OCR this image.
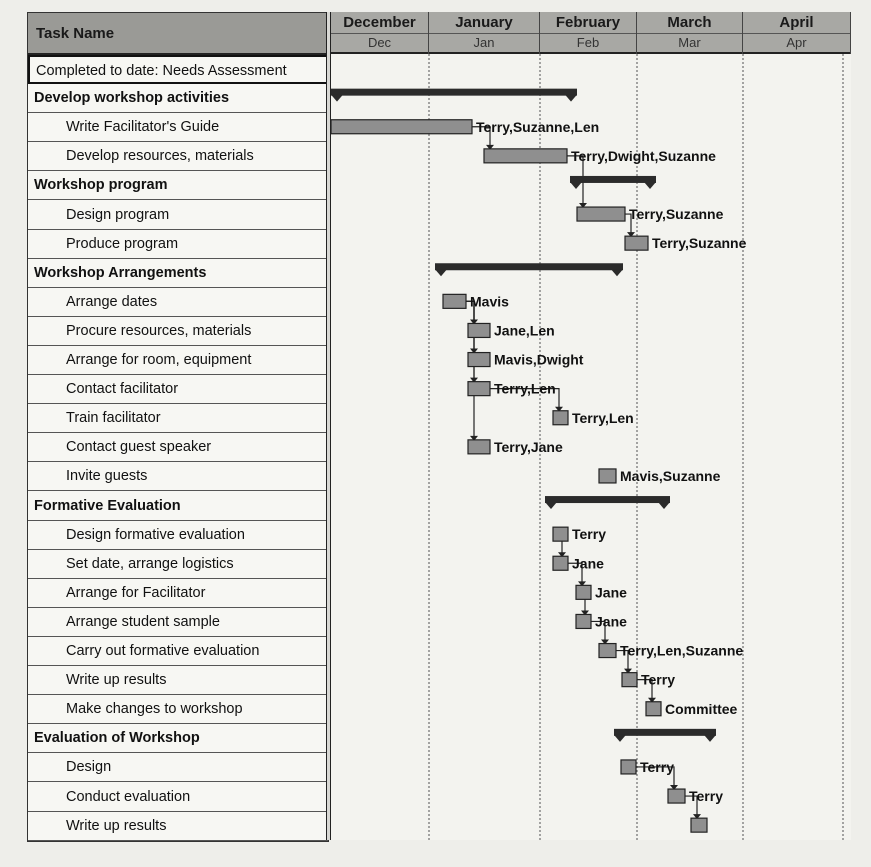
Task Name
Completed to date: Needs Assessment
Develop workshop activities
Write Facilitator's Guide
Develop resources, materials
Workshop program
Design program
Produce program
Workshop Arrangements
Arrange dates
Procure resources, materials
Arrange for room, equipment
Contact facilitator
Train facilitator
Contact guest speaker
Invite guests
Formative Evaluation
Design formative evaluation
Set date, arrange logistics
Arrange for Facilitator
Arrange student sample
Carry out formative evaluation
Write up results
Make changes to workshop
Evaluation of Workshop
Design
Conduct evaluation
Write up results
December
Dec
January
Jan
February
Feb
March
Mar
April
Apr
Terry,Suzanne,Len
Terry,Dwight,Suzanne
Terry,Suzanne
Terry,Suzanne
Mavis
Jane,Len
Mavis,Dwight
Terry,Len
Terry,Len
Terry,Jane
Mavis,Suzanne
Terry
Jane
Jane
Jane
Terry,Len,Suzanne
Terry
Committee
Terry
Terry
